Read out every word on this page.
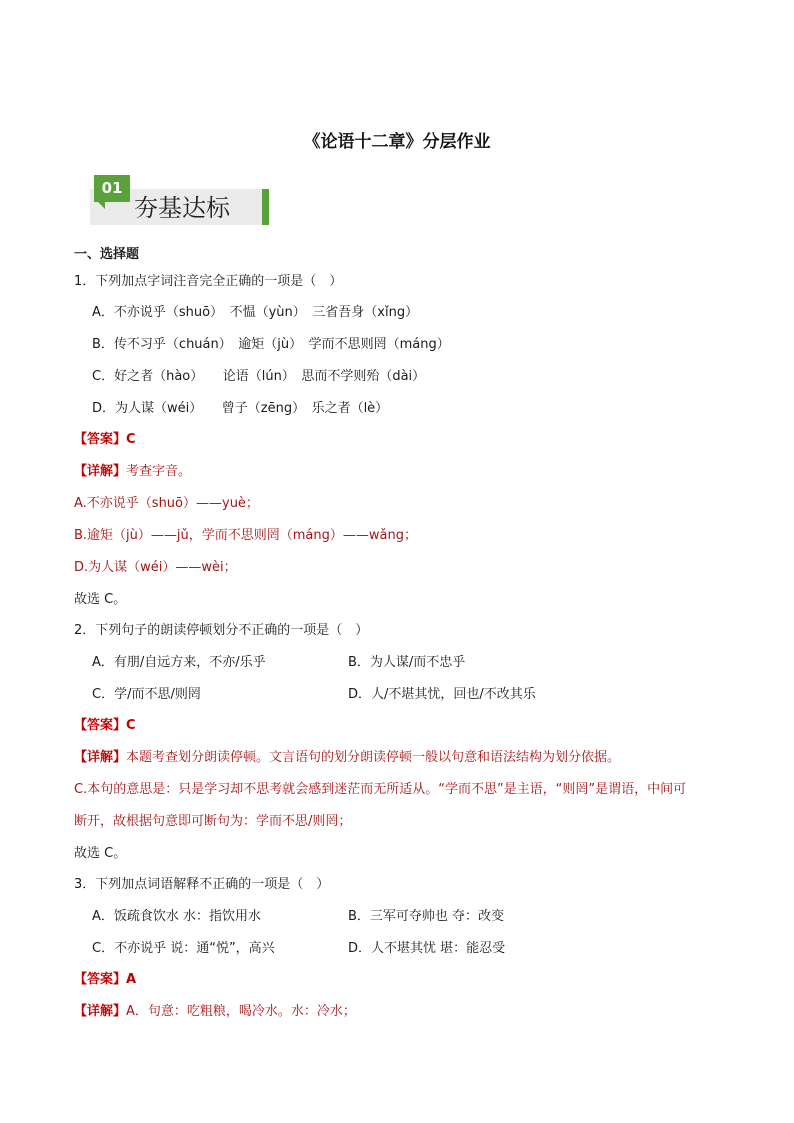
《论语十二章》分层作业
01
夯基达标
一、选择题
1．下列加点字词注音完全正确的一项是（　）
A．不亦说乎（shuō）　不愠（yùn）　三省吾身（xǐng）
B．传不习乎（chuán）　逾矩（jù）　学而不思则罔（máng）
C．好之者（hào）　　论语（lún）　思而不学则殆（dài）
D．为人谋（wéi）　　曾子（zēng）　乐之者（lè）
【答案】C
【详解】考查字音。
A.不亦说乎（shuō）——yuè；
B.逾矩（jù）——jǔ，学而不思则罔（máng）——wǎng；
D.为人谋（wéi）——wèi；
故选 C。
2．下列句子的朗读停顿划分不正确的一项是（　）
A．有朋/自远方来，不亦/乐乎	B．为人谋/而不忠乎
C．学/而不思/则罔	D．人/不堪其忧，回也/不改其乐
【答案】C
【详解】本题考查划分朗读停顿。文言语句的划分朗读停顿一般以句意和语法结构为划分依据。
C.本句的意思是：只是学习却不思考就会感到迷茫而无所适从。“学而不思”是主语，“则罔”是谓语，中间可
断开，故根据句意即可断句为：学而不思/则罔；
故选 C。
3．下列加点词语解释不正确的一项是（　）
A．饭疏食饮水 水：指饮用水	B．三军可夺帅也 夺：改变
C．不亦说乎 说：通“悦”，高兴	D．人不堪其忧 堪：能忍受
【答案】A
【详解】A．句意：吃粗粮，喝冷水。水：冷水；
